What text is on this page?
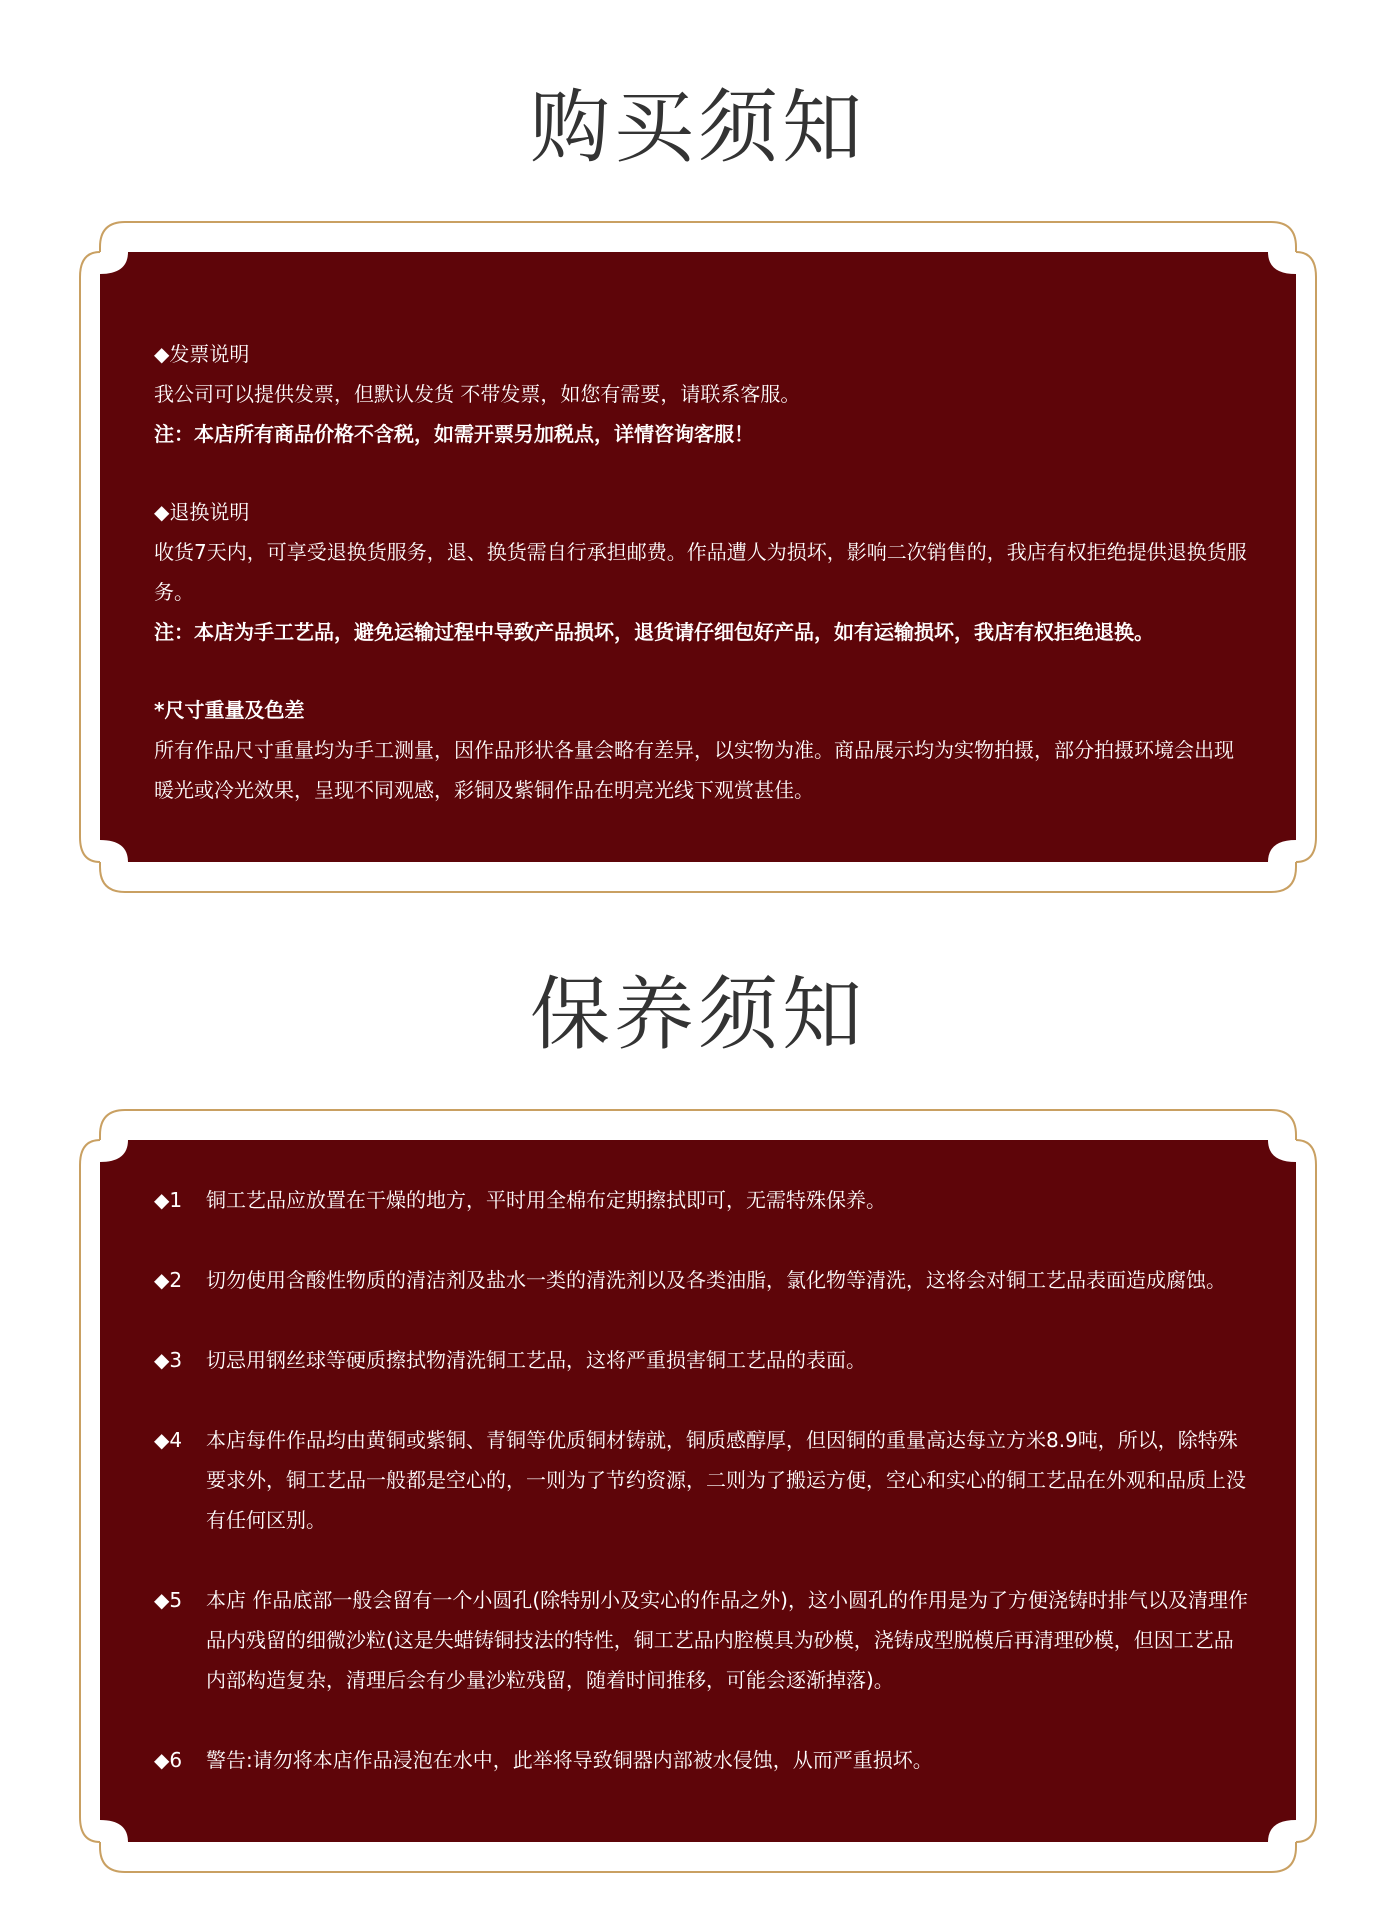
购买须知
◆发票说明
我公司可以提供发票，但默认发货 不带发票，如您有需要，请联系客服。
注：本店所有商品价格不含税，如需开票另加税点，详情咨询客服！
◆退换说明
收货7天内，可享受退换货服务，退、换货需自行承担邮费。作品遭人为损坏，影响二次销售的，我店有权拒绝提供退换货服务。
注：本店为手工艺品，避免运输过程中导致产品损坏，退货请仔细包好产品，如有运输损坏，我店有权拒绝退换。
*尺寸重量及色差
所有作品尺寸重量均为手工测量，因作品形状各量会略有差异，以实物为准。商品展示均为实物拍摄，部分拍摄环境会出现暖光或冷光效果，呈现不同观感，彩铜及紫铜作品在明亮光线下观赏甚佳。
保养须知
◆1	铜工艺品应放置在干燥的地方，平时用全棉布定期擦拭即可，无需特殊保养。
◆2	切勿使用含酸性物质的清洁剂及盐水一类的清洗剂以及各类油脂，氯化物等清洗，这将会对铜工艺品表面造成腐蚀。
◆3	切忌用钢丝球等硬质擦拭物清洗铜工艺品，这将严重损害铜工艺品的表面。
◆4	本店每件作品均由黄铜或紫铜、青铜等优质铜材铸就，铜质感醇厚，但因铜的重量高达每立方米8.9吨，所以，除特殊要求外，铜工艺品一般都是空心的，一则为了节约资源，二则为了搬运方便，空心和实心的铜工艺品在外观和品质上没有任何区别。
◆5	本店 作品底部一般会留有一个小圆孔(除特别小及实心的作品之外)，这小圆孔的作用是为了方便浇铸时排气以及清理作品内残留的细微沙粒(这是失蜡铸铜技法的特性，铜工艺品内腔模具为砂模，浇铸成型脱模后再清理砂模，但因工艺品内部构造复杂，清理后会有少量沙粒残留，随着时间推移，可能会逐渐掉落)。
◆6	警告:请勿将本店作品浸泡在水中，此举将导致铜器内部被水侵蚀，从而严重损坏。
